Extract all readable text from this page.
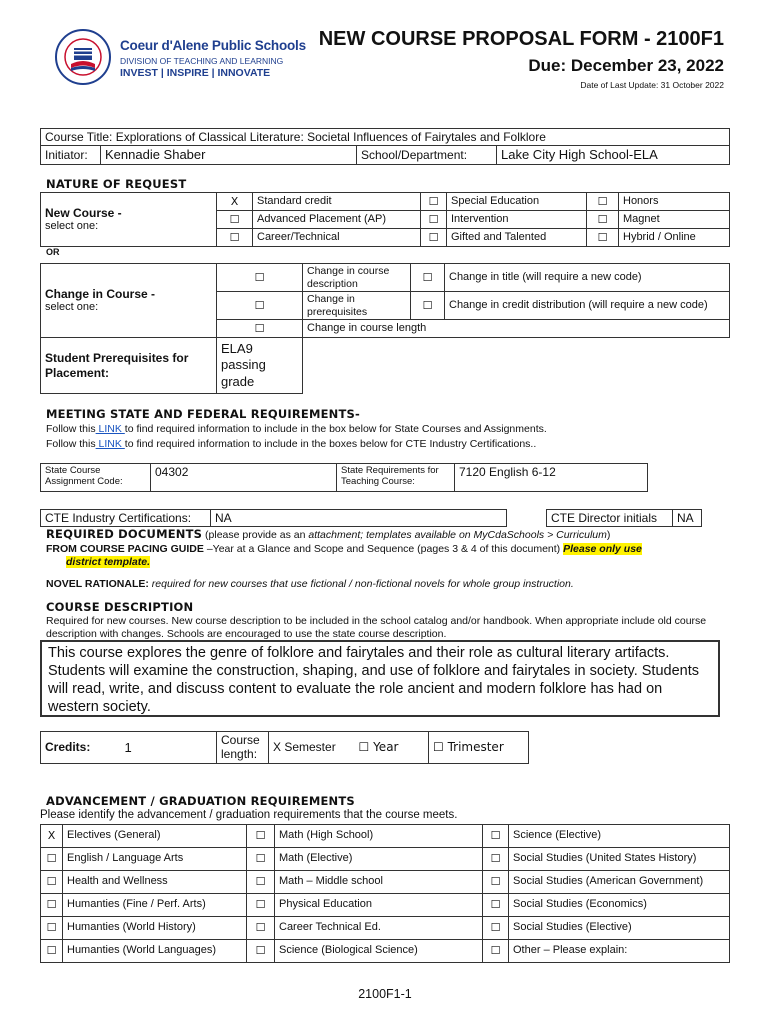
Coeur d'Alene Public Schools
DIVISION OF TEACHING AND LEARNING
INVEST | INSPIRE | INNOVATE
NEW COURSE PROPOSAL FORM - 2100F1
Due: December 23, 2022
Date of Last Update: 31 October 2022
Course Title: Explorations of Classical Literature: Societal Influences of Fairytales and Folklore
Initiator:	Kennadie Shaber	School/Department:	Lake City High School-ELA
NATURE OF REQUEST
New Course -
select one:	X	Standard credit	☐	Special Education	☐	Honors
	☐	Advanced Placement (AP)	☐	Intervention	☐	Magnet
	☐	Career/Technical	☐	Gifted and Talented	☐	Hybrid / Online
OR
Change in Course -
select one:	☐	Change in course description	☐	Change in title (will require a new code)
	☐	Change in prerequisites	☐	Change in credit distribution (will require a new code)
	☐	Change in course length		
Student Prerequisites for Placement:	ELA9 passing grade			
MEETING STATE AND FEDERAL REQUIREMENTS-
Follow this LINK to find required information to include in the box below for State Courses and Assignments.
Follow this LINK to find required information to include in the boxes below for CTE Industry Certifications..
State Course Assignment Code:	04302	State Requirements for Teaching Course:	7120 English 6-12
CTE Industry Certifications:	NA		CTE Director initials	NA
REQUIRED DOCUMENTS (please provide as an attachment; templates available on MyCdaSchools > Curriculum)
FROM COURSE PACING GUIDE –Year at a Glance and Scope and Sequence (pages 3 & 4 of this document) Please only use
district template.
NOVEL RATIONALE: required for new courses that use fictional / non-fictional novels for whole group instruction.
COURSE DESCRIPTION
Required for new courses. New course description to be included in the school catalog and/or handbook. When appropriate include old course description with changes. Schools are encouraged to use the state course description.
This course explores the genre of folklore and fairytales and their role as cultural literary artifacts. Students will examine the construction, shaping, and use of folklore and fairytales in society. Students will read, write, and discuss content to evaluate the role ancient and modern folklore has had on western society.
Credits:	1	Course length:	X Semester	☐ Year	☐ Trimester
ADVANCEMENT / GRADUATION REQUIREMENTS
Please identify the advancement / graduation requirements that the course meets.
X	Electives (General)	☐	Math (High School)	☐	Science (Elective)
☐	English / Language Arts	☐	Math (Elective)	☐	Social Studies (United States History)
☐	Health and Wellness	☐	Math – Middle school	☐	Social Studies (American Government)
☐	Humanties (Fine / Perf. Arts)	☐	Physical Education	☐	Social Studies (Economics)
☐	Humanties (World History)	☐	Career Technical Ed.	☐	Social Studies (Elective)
☐	Humanties (World Languages)	☐	Science (Biological Science)	☐	Other – Please explain:
2100F1-1
